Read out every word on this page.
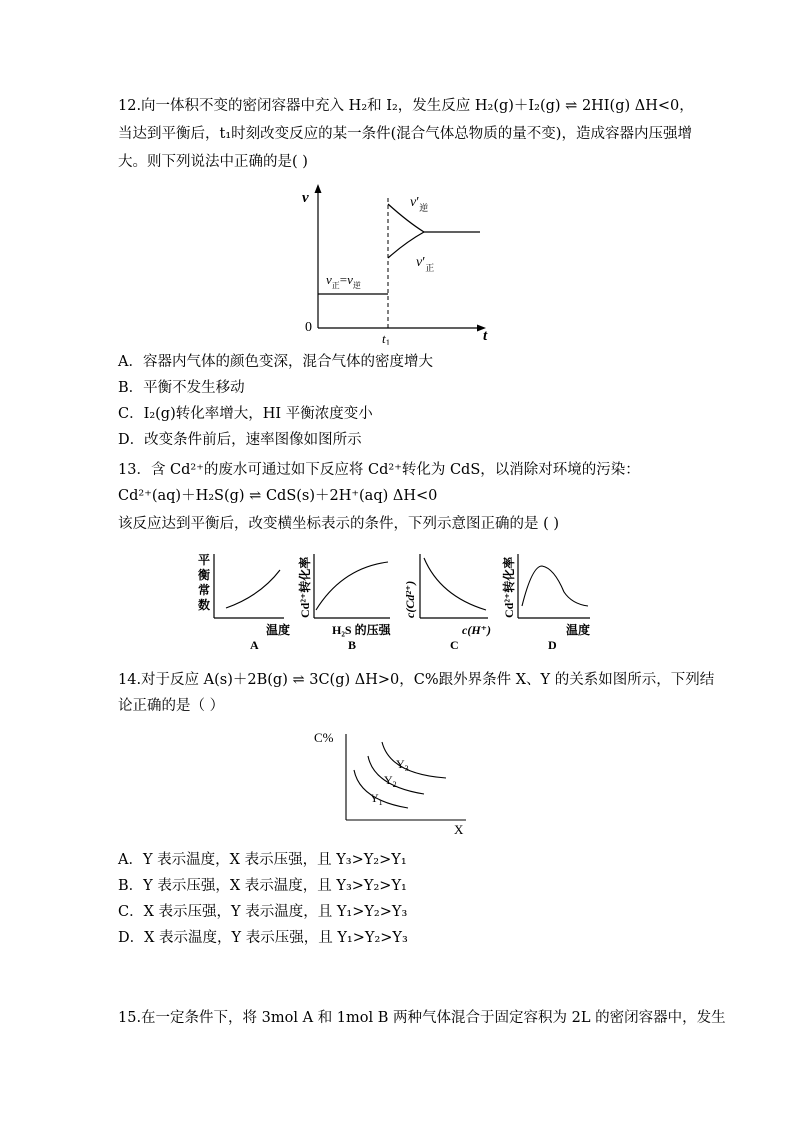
12.向一体积不变的密闭容器中充入 H₂和 I₂，发生反应 H₂(g)＋I₂(g) ⇌ 2HI(g) ΔH<0，
当达到平衡后，t₁时刻改变反应的某一条件(混合气体总物质的量不变)，造成容器内压强增
大。则下列说法中正确的是( )
v
t
0
$t_1$
$v'_逆$
$v'_正$
$v_正=v_逆$
A．容器内气体的颜色变深，混合气体的密度增大
B．平衡不发生移动
C．I₂(g)转化率增大，HI 平衡浓度变小
D．改变条件前后，速率图像如图所示
13．含 Cd²⁺的废水可通过如下反应将 Cd²⁺转化为 CdS，以消除对环境的污染：
Cd²⁺(aq)＋H₂S(g) ⇌ CdS(s)＋2H⁺(aq) ΔH<0
该反应达到平衡后，改变横坐标表示的条件，下列示意图正确的是 ( )
平
衡
常
数
温度
A
Cd²⁺转化率
H₂S 的压强
B
c(Cd²⁺)
c(H⁺)
C
Cd²⁺转化率
温度
D
14.对于反应 A(s)＋2B(g) ⇌ 3C(g) ΔH>0，C%跟外界条件 X、Y 的关系如图所示，下列结
论正确的是（ ）
C%
X
$Y_1$
$Y_2$
$Y_3$
A．Y 表示温度，X 表示压强，且 Y₃>Y₂>Y₁
B．Y 表示压强，X 表示温度，且 Y₃>Y₂>Y₁
C．X 表示压强，Y 表示温度，且 Y₁>Y₂>Y₃
D．X 表示温度，Y 表示压强，且 Y₁>Y₂>Y₃
15.在一定条件下，将 3mol A 和 1mol B 两种气体混合于固定容积为 2L 的密闭容器中，发生
